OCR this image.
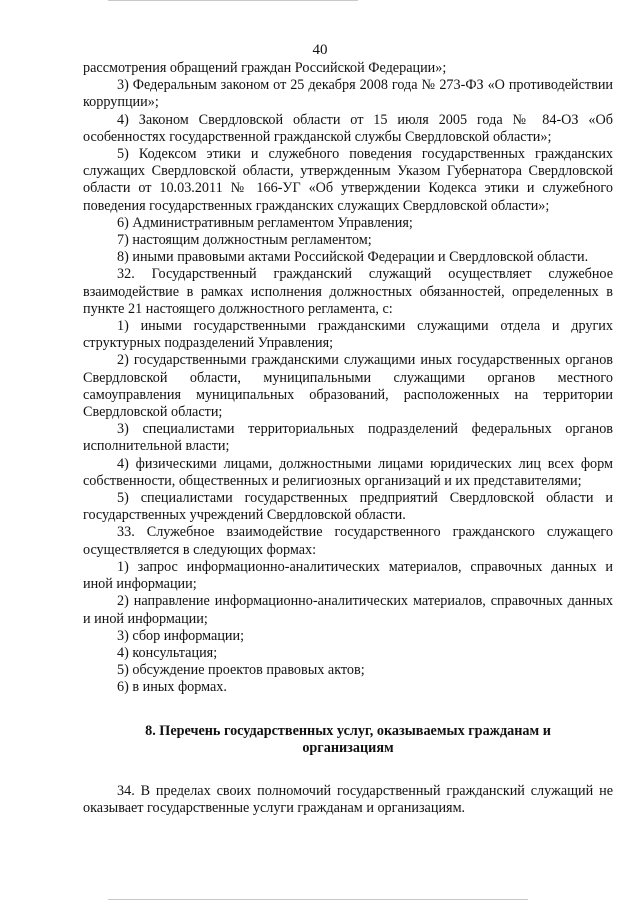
40

рассмотрения обращений граждан Российской Федерации»;

3) Федеральным законом от 25 декабря 2008 года № 273-ФЗ «О противодействии коррупции»;

4) Законом Свердловской области от 15 июля 2005 года № 84-ОЗ «Об особенностях государственной гражданской службы Свердловской области»;

5) Кодексом этики и служебного поведения государственных гражданских служащих Свердловской области, утвержденным Указом Губернатора Свердловской области от 10.03.2011 № 166-УГ «Об утверждении Кодекса этики и служебного поведения государственных гражданских служащих Свердловской области»;

6) Административным регламентом Управления;

7) настоящим должностным регламентом;

8) иными правовыми актами Российской Федерации и Свердловской области.

32. Государственный гражданский служащий осуществляет служебное взаимодействие в рамках исполнения должностных обязанностей, определенных в пункте 21 настоящего должностного регламента, с:

1) иными государственными гражданскими служащими отдела и других структурных подразделений Управления;

2) государственными гражданскими служащими иных государственных органов Свердловской области, муниципальными служащими органов местного самоуправления муниципальных образований, расположенных на территории Свердловской области;

3) специалистами территориальных подразделений федеральных органов исполнительной власти;

4) физическими лицами, должностными лицами юридических лиц всех форм собственности, общественных и религиозных организаций и их представителями;

5) специалистами государственных предприятий Свердловской области и государственных учреждений Свердловской области.

33. Служебное взаимодействие государственного гражданского служащего осуществляется в следующих формах:

1) запрос информационно-аналитических материалов, справочных данных и иной информации;

2) направление информационно-аналитических материалов, справочных данных и иной информации;

3) сбор информации;

4) консультация;

5) обсуждение проектов правовых актов;

6) в иных формах.

8. Перечень государственных услуг, оказываемых гражданам и организациям

34. В пределах своих полномочий государственный гражданский служащий не оказывает государственные услуги гражданам и организациям.
